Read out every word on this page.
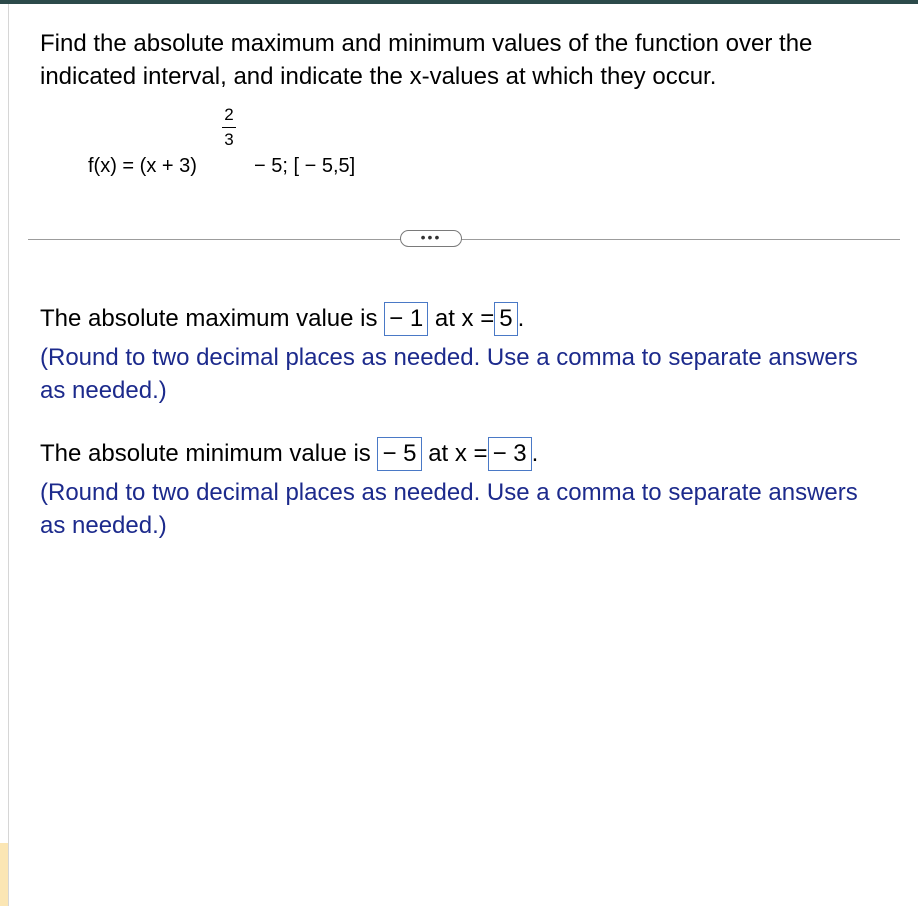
Find the absolute maximum and minimum values of the function over the indicated interval, and indicate the x-values at which they occur.
f(x) = (x + 3)
2
3
− 5; [ − 5,5]
•••
The absolute maximum value is − 1 at x = 5 .
(Round to two decimal places as needed. Use a comma to separate answers as needed.)
The absolute minimum value is − 5 at x = − 3 .
(Round to two decimal places as needed. Use a comma to separate answers as needed.)
